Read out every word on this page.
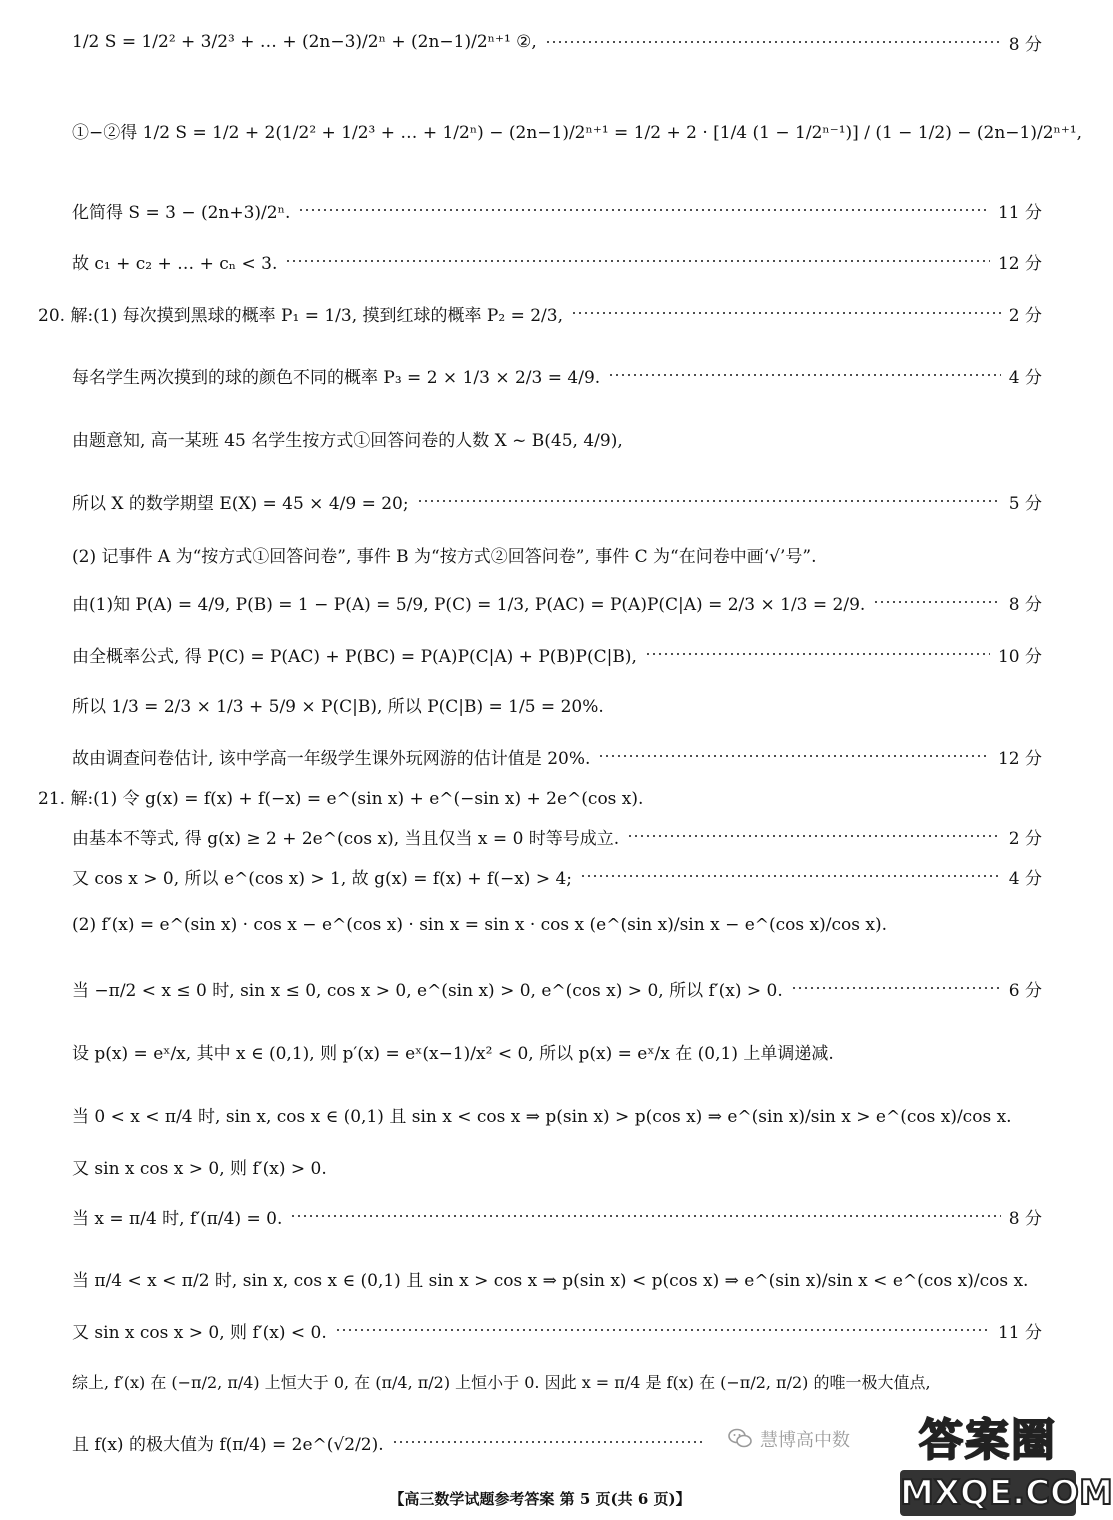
1/2 S = 1/2² + 3/2³ + … + (2n−3)/2ⁿ + (2n−1)/2ⁿ⁺¹ ②,	8 分
①−②得 1/2 S = 1/2 + 2(1/2² + 1/2³ + … + 1/2ⁿ) − (2n−1)/2ⁿ⁺¹ = 1/2 + 2 · [1/4 (1 − 1/2ⁿ⁻¹)] / (1 − 1/2) − (2n−1)/2ⁿ⁺¹,
化简得 S = 3 − (2n+3)/2ⁿ.	11 分
故 c₁ + c₂ + … + cₙ < 3.	12 分
20. 解:(1) 每次摸到黑球的概率 P₁ = 1/3, 摸到红球的概率 P₂ = 2/3,	2 分
每名学生两次摸到的球的颜色不同的概率 P₃ = 2 × 1/3 × 2/3 = 4/9.	4 分
由题意知, 高一某班 45 名学生按方式①回答问卷的人数 X ~ B(45, 4/9),
所以 X 的数学期望 E(X) = 45 × 4/9 = 20;	5 分
(2) 记事件 A 为“按方式①回答问卷”, 事件 B 为“按方式②回答问卷”, 事件 C 为“在问卷中画‘√’号”.
由(1)知 P(A) = 4/9, P(B) = 1 − P(A) = 5/9, P(C) = 1/3, P(AC) = P(A)P(C|A) = 2/3 × 1/3 = 2/9.	8 分
由全概率公式, 得 P(C) = P(AC) + P(BC) = P(A)P(C|A) + P(B)P(C|B),	10 分
所以 1/3 = 2/3 × 1/3 + 5/9 × P(C|B), 所以 P(C|B) = 1/5 = 20%.
故由调查问卷估计, 该中学高一年级学生课外玩网游的估计值是 20%.	12 分
21. 解:(1) 令 g(x) = f(x) + f(−x) = e^(sin x) + e^(−sin x) + 2e^(cos x).
由基本不等式, 得 g(x) ≥ 2 + 2e^(cos x), 当且仅当 x = 0 时等号成立.	2 分
又 cos x > 0, 所以 e^(cos x) > 1, 故 g(x) = f(x) + f(−x) > 4;	4 分
(2) f′(x) = e^(sin x) · cos x − e^(cos x) · sin x = sin x · cos x (e^(sin x)/sin x − e^(cos x)/cos x).
当 −π/2 < x ≤ 0 时, sin x ≤ 0, cos x > 0, e^(sin x) > 0, e^(cos x) > 0, 所以 f′(x) > 0.	6 分
设 p(x) = eˣ/x, 其中 x ∈ (0,1), 则 p′(x) = eˣ(x−1)/x² < 0, 所以 p(x) = eˣ/x 在 (0,1) 上单调递减.
当 0 < x < π/4 时, sin x, cos x ∈ (0,1) 且 sin x < cos x ⇒ p(sin x) > p(cos x) ⇒ e^(sin x)/sin x > e^(cos x)/cos x.
又 sin x cos x > 0, 则 f′(x) > 0.
当 x = π/4 时, f′(π/4) = 0.	8 分
当 π/4 < x < π/2 时, sin x, cos x ∈ (0,1) 且 sin x > cos x ⇒ p(sin x) < p(cos x) ⇒ e^(sin x)/sin x < e^(cos x)/cos x.
又 sin x cos x > 0, 则 f′(x) < 0.	11 分
综上, f′(x) 在 (−π/2, π/4) 上恒大于 0, 在 (π/4, π/2) 上恒小于 0. 因此 x = π/4 是 f(x) 在 (−π/2, π/2) 的唯一极大值点,
且 f(x) 的极大值为 f(π/4) = 2e^(√2/2).	慧博高中数	答案圈
MXQE.COM
【高三数学试题参考答案 第 5 页(共 6 页)】
